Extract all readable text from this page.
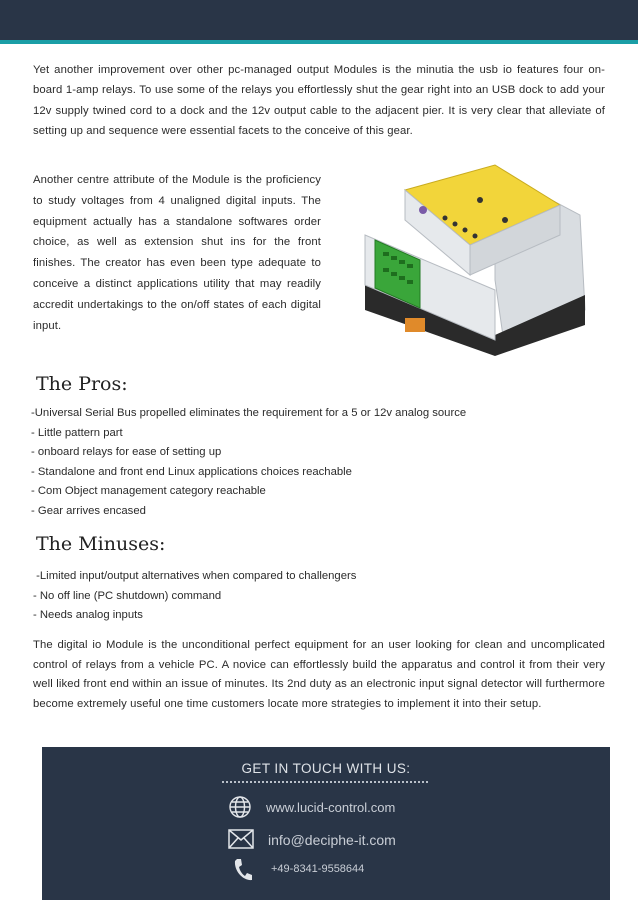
Yet another improvement over other pc-managed output Modules is the minutia the usb io features four on-board 1-amp relays. To use some of the relays you effortlessly shut the gear right into an USB dock to add your 12v supply twined cord to a dock and the 12v output cable to the adjacent pier. It is very clear that alleviate of setting up and sequence were essential facets to the conceive of this gear.

Another centre attribute of the Module is the proficiency to study voltages from 4 unaligned digital inputs. The equipment actually has a standalone softwares order choice, as well as extension shut ins for the front finishes. The creator has even been type adequate to conceive a distinct applications utility that may readily accredit undertakings to the on/off states of each digital input.

The Pros:
-Universal Serial Bus propelled eliminates the requirement for a 5 or 12v analog source
- Little pattern part
- onboard relays for ease of setting up
- Standalone and front end Linux applications choices reachable
- Com Object management category reachable
- Gear arrives encased
The Minuses:
-Limited input/output alternatives when compared to challengers
- No off line (PC shutdown) command
- Needs analog inputs

The digital io Module is the unconditional perfect equipment for an user looking for clean and uncomplicated control of relays from a vehicle PC. A novice can effortlessly build the apparatus and control it from their very well liked front end within an issue of minutes. Its 2nd duty as an electronic input signal detector will furthermore become extremely useful one time customers locate more strategies to implement it into their setup.

GET IN TOUCH WITH US:
www.lucid-control.com
info@deciphe-it.com
+49-8341-9558644
